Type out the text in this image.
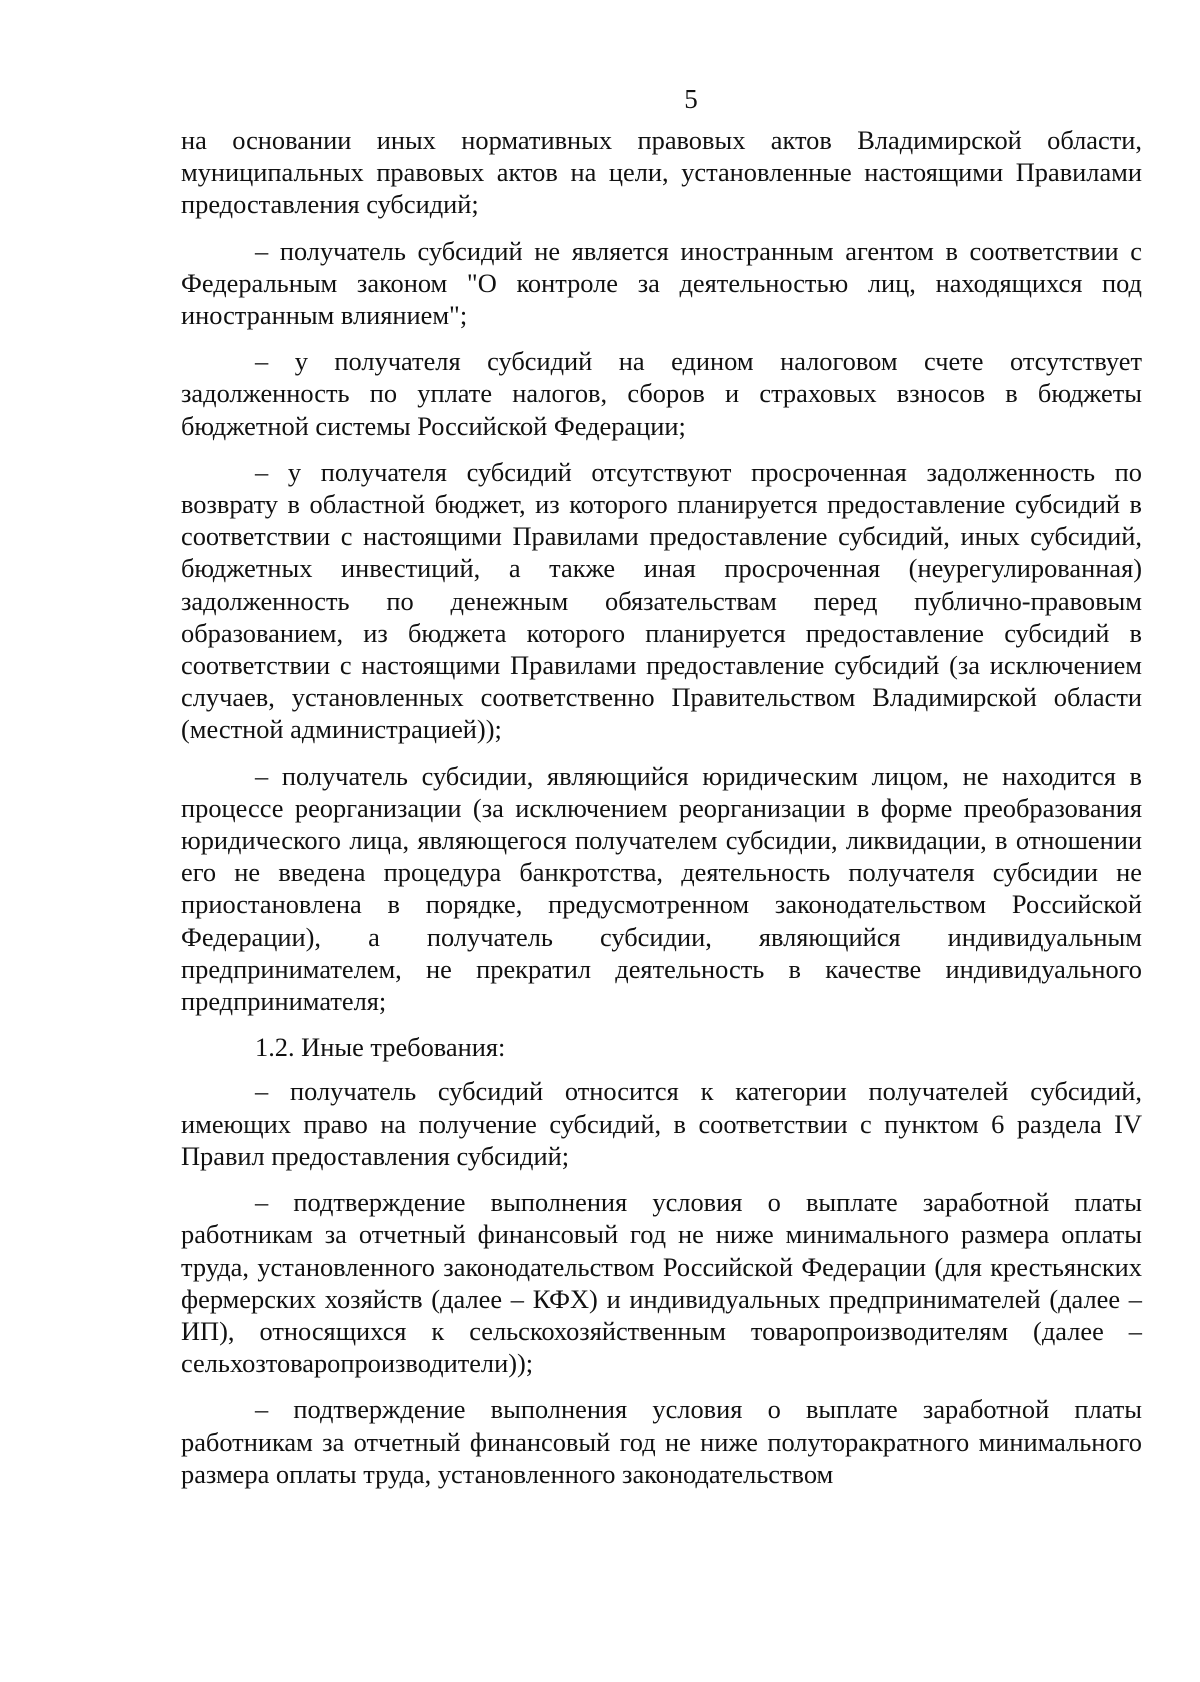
5

на основании иных нормативных правовых актов Владимирской области, муниципальных правовых актов на цели, установленные настоящими Правилами предоставления субсидий;

– получатель субсидий не является иностранным агентом в соответствии с Федеральным законом "О контроле за деятельностью лиц, находящихся под иностранным влиянием";

– у получателя субсидий на едином налоговом счете отсутствует задолженность по уплате налогов, сборов и страховых взносов в бюджеты бюджетной системы Российской Федерации;

– у получателя субсидий отсутствуют просроченная задолженность по возврату в областной бюджет, из которого планируется предоставление субсидий в соответствии с настоящими Правилами предоставление субсидий, иных субсидий, бюджетных инвестиций, а также иная просроченная (неурегулированная) задолженность по денежным обязательствам перед публично-правовым образованием, из бюджета которого планируется предоставление субсидий в соответствии с настоящими Правилами предоставление субсидий (за исключением случаев, установленных соответственно Правительством Владимирской области (местной администрацией));

– получатель субсидии, являющийся юридическим лицом, не находится в процессе реорганизации (за исключением реорганизации в форме преобразования юридического лица, являющегося получателем субсидии, ликвидации, в отношении его не введена процедура банкротства, деятельность получателя субсидии не приостановлена в порядке, предусмотренном законодательством Российской Федерации), а получатель субсидии, являющийся индивидуальным предпринимателем, не прекратил деятельность в качестве индивидуального предпринимателя;

1.2. Иные требования:

– получатель субсидий относится к категории получателей субсидий, имеющих право на получение субсидий, в соответствии с пунктом 6 раздела IV Правил предоставления субсидий;

– подтверждение выполнения условия о выплате заработной платы работникам за отчетный финансовый год не ниже минимального размера оплаты труда, установленного законодательством Российской Федерации (для крестьянских фермерских хозяйств (далее – КФХ) и индивидуальных предпринимателей (далее – ИП), относящихся к сельскохозяйственным товаропроизводителям (далее – сельхозтоваропроизводители));

– подтверждение выполнения условия о выплате заработной платы работникам за отчетный финансовый год не ниже полуторакратного минимального размера оплаты труда, установленного законодательством
